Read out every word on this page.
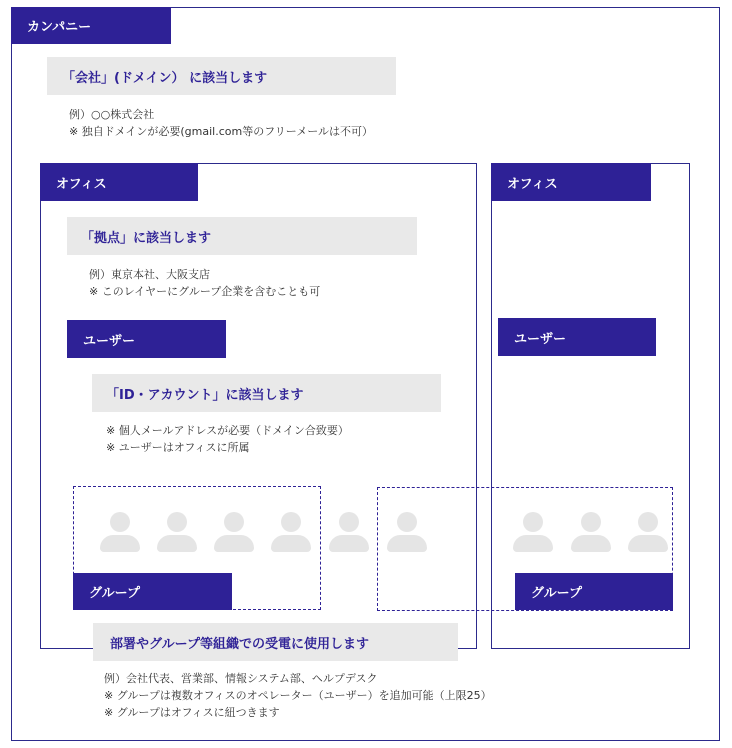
カンパニー
「会社」(ドメイン） に該当します
例）○○株式会社
※ 独自ドメインが必要(gmail.com等のフリーメールは不可）
オフィス
「拠点」に該当します
例）東京本社、大阪支店
※ このレイヤーにグループ企業を含むことも可
オフィス
ユーザー	ユーザー
「ID・アカウント」に該当します
※ 個人メールアドレスが必要（ドメイン合致要）
※ ユーザーはオフィスに所属
グループ	グループ
部署やグループ等組織での受電に使用します
例）会社代表、営業部、情報システム部、ヘルプデスク
※ グループは複数オフィスのオペレーター（ユーザー）を追加可能（上限25）
※ グループはオフィスに紐つきます
